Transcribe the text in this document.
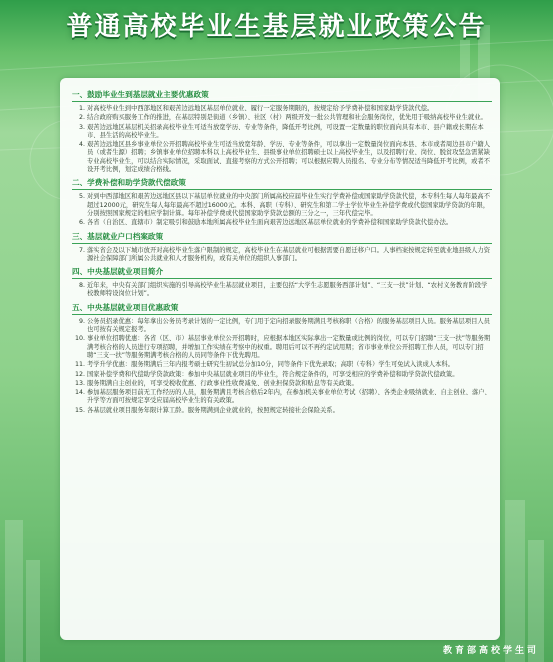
普通高校毕业生基层就业政策公告
一、鼓励毕业生到基层就业主要优惠政策
1. 对高校毕业生到中西部地区和艰苦边远地区基层单位就业、履行一定服务期限的，按规定给予学费补偿和国家助学贷款代偿。
2. 结合政府购买服务工作的推进，在基层特别是街道（乡镇）、社区（村）两级开发一批公共管理和社会服务岗位，优先用于吸纳高校毕业生就业。
3. 艰苦边远地区基层机关招录高校毕业生可适当放宽学历、专业等条件，降低开考比例，可设置一定数量的职位面向具有本市、县户籍或长期在本市、县生活的高校毕业生。
4. 艰苦边远地区县乡事业单位公开招聘高校毕业生可适当放宽年龄、学历、专业等条件，可以拿出一定数量岗位面向本县、本市或者周边县市户籍人员（或者生源）招聘；乡镇事业单位招聘本科以上高校毕业生、县级事业单位招聘硕士以上高校毕业生，以及招聘行业、岗位、脱贫攻坚急需紧缺专业高校毕业生，可以结合实际情况，采取面试、直接考察的方式公开招聘；可以根据应聘人员报名、专业分布等情况适当降低开考比例，或者不设开考比例，划定成绩合格线。
二、学费补偿和助学贷款代偿政策
5. 对到中西部地区和艰苦边远地区县以下基层单位就业的中央部门所属高校应届毕业生实行学费补偿或国家助学贷款代偿，本专科生每人每年最高不超过12000元，研究生每人每年最高不超过16000元。本科、高职（专科）、研究生和第二学士学位毕业生补偿学费或代偿国家助学贷款的年限，分别按照国家规定的相应学制计算。每年补偿学费或代偿国家助学贷款总额的三分之一，三年代偿完毕。
6. 各省（自治区、直辖市）制定吸引和鼓励本地所属高校毕业生面向艰苦边远地区基层单位就业的学费补偿和国家助学贷款代偿办法。
三、基层就业户口档案政策
7. 落实省会及以下城市放开对高校毕业生落户限制的规定，高校毕业生在基层就业可根据需要自愿迁移户口。人事档案按规定转至就业地县级人力资源社会保障部门所属公共就业和人才服务机构，或有关单位的组织人事部门。
四、中央基层就业项目简介
8. 近年来，中央有关部门组织实施的引导高校毕业生基层就业项目，主要包括“大学生志愿服务西部计划”、“三支一扶”计划、“农村义务教育阶段学校教师特设岗位计划”。
五、中央基层就业项目优惠政策
9. 公务员招录优惠：每年拿出公务员考录计划的一定比例，专门用于定向招录服务期满且考核称职（合格）的服务基层项目人员。服务基层项目人员也可按有关规定报考。
10. 事业单位招聘优惠：各省（区、市）基层事业单位公开招聘时，应根据本地区实际拿出一定数量或比例的岗位，可以专门招聘“三支一扶”等服务期满考核合格的人员进行专项招聘，并增加工作实绩在考察中的权重。聘用后可以不再约定试用期；省市事业单位公开招聘工作人员，可以专门招聘“三支一扶”等服务期满考核合格的人员同等条件下优先聘用。
11. 考学升学优惠：服务期满后三年内报考硕士研究生初试总分加10分，同等条件下优先录取；高职（专科）学生可免试入读成人本科。
12. 国家补偿学费和代偿助学贷款政策：参加中央基层就业项目的毕业生，符合规定条件的，可享受相应的学费补偿和助学贷款代偿政策。
13. 服务期满自主创业的，可享受税收优惠、行政事业性收费减免、创业担保贷款和贴息等有关政策。
14. 参加基层服务项目前无工作经历的人员，服务期满且考核合格后2年内，在参加机关事业单位考试（招聘）、各类企业吸纳就业、自主创业、落户、升学等方面可按规定享受应届高校毕业生的有关政策。
15. 各基层就业项目服务年限计算工龄。服务期满到企业就业的，按照规定转接社会保险关系。
教育部高校学生司
